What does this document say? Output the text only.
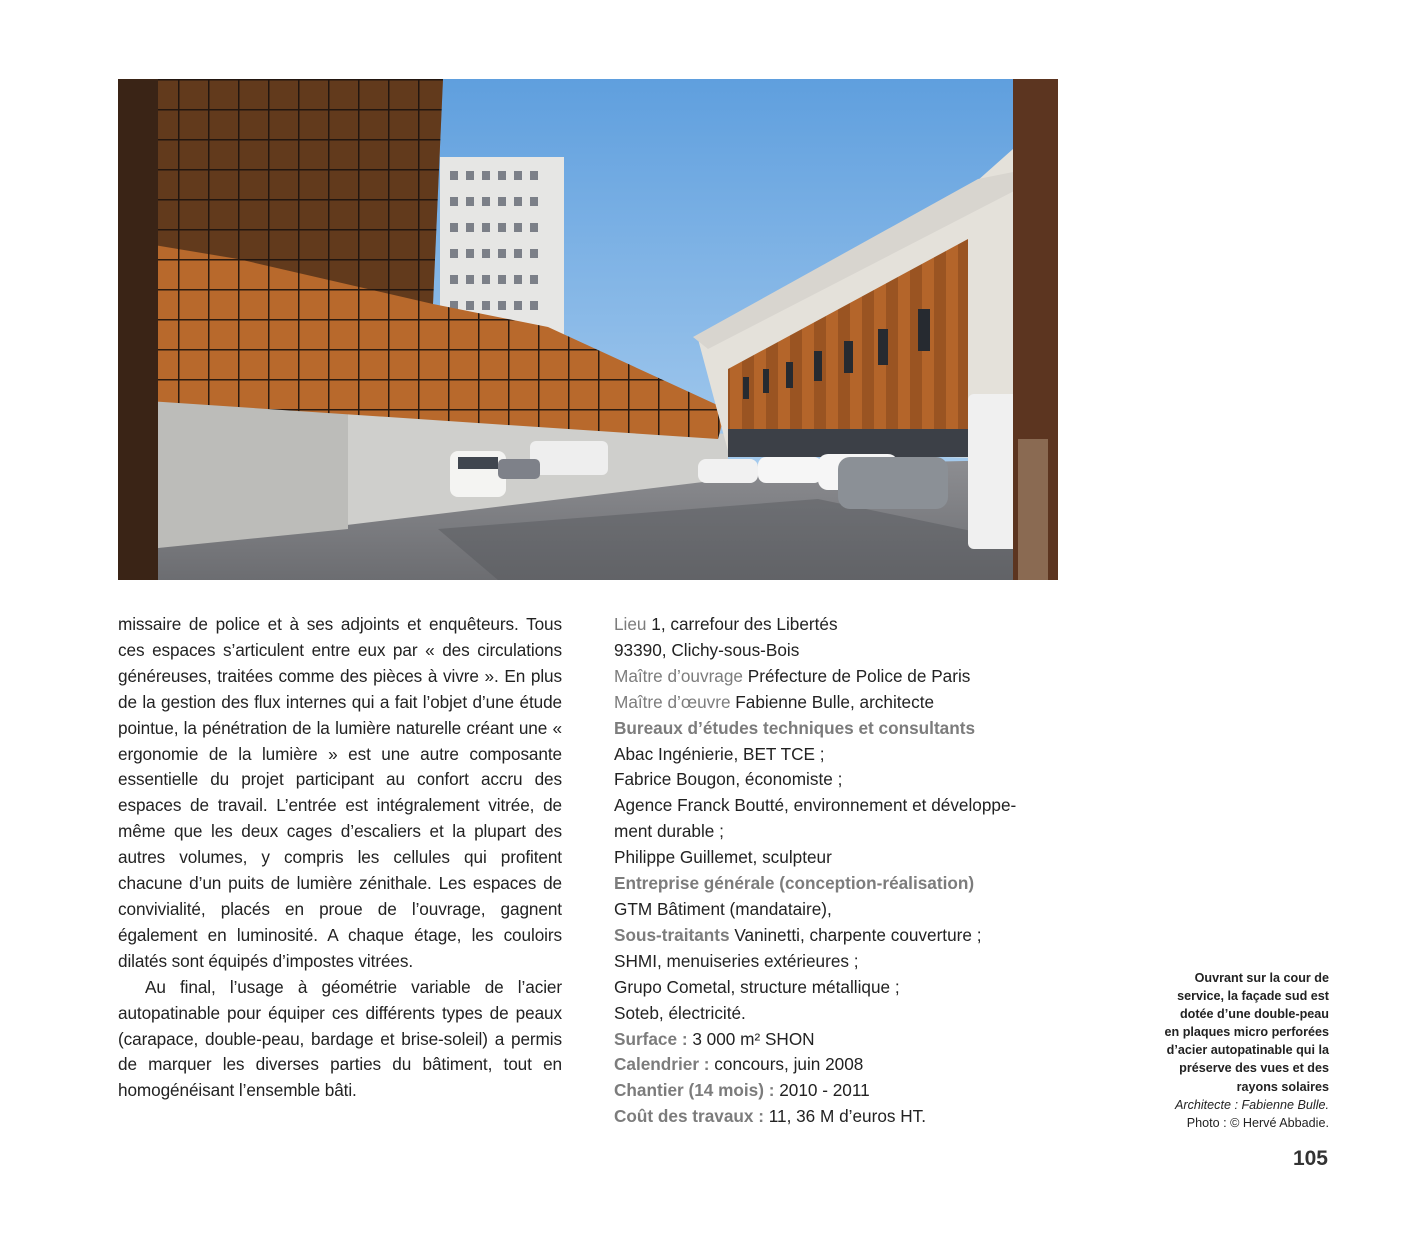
missaire de police et à ses adjoints et enquêteurs. Tous ces espaces s’articulent entre eux par « des circulations généreuses, traitées comme des pièces à vivre ». En plus de la gestion des flux internes qui a fait l’objet d’une étude pointue, la pénétration de la lumière naturelle créant une « ergonomie de la lumière » est une autre composante essentielle du projet participant au confort accru des espaces de travail. L’entrée est intégralement vitrée, de même que les deux cages d’escaliers et la plupart des autres volumes, y compris les cellules qui profitent chacune d’un puits de lumière zénithale. Les espaces de convivialité, placés en proue de l’ouvrage, gagnent également en luminosité. A chaque étage, les couloirs dilatés sont équipés d’impostes vitrées.

Au final, l’usage à géométrie variable de l’acier autopatinable pour équiper ces différents types de peaux (carapace, double-peau, bardage et brise-soleil) a permis de marquer les diverses parties du bâtiment, tout en homogénéisant l’ensemble bâti.

Lieu 1, carrefour des Libertés
93390, Clichy-sous-Bois
Maître d’ouvrage Préfecture de Police de Paris
Maître d’œuvre Fabienne Bulle, architecte
Bureaux d’études techniques et consultants
Abac Ingénierie, BET TCE ;
Fabrice Bougon, économiste ;
Agence Franck Boutté, environnement et développe-
ment durable ;
Philippe Guillemet, sculpteur
Entreprise générale (conception-réalisation)
GTM Bâtiment (mandataire),
Sous-traitants Vaninetti, charpente couverture ;
SHMI, menuiseries extérieures ;
Grupo Cometal, structure métallique ;
Soteb, électricité.
Surface : 3 000 m² SHON
Calendrier : concours, juin 2008
Chantier (14 mois) : 2010 - 2011
Coût des travaux : 11, 36 M d’euros HT.
Ouvrant sur la cour de
service, la façade sud est
dotée d’une double-peau
en plaques micro perforées
d’acier autopatinable qui la
préserve des vues et des
rayons solaires
Architecte : Fabienne Bulle.
Photo : © Hervé Abbadie.
105
